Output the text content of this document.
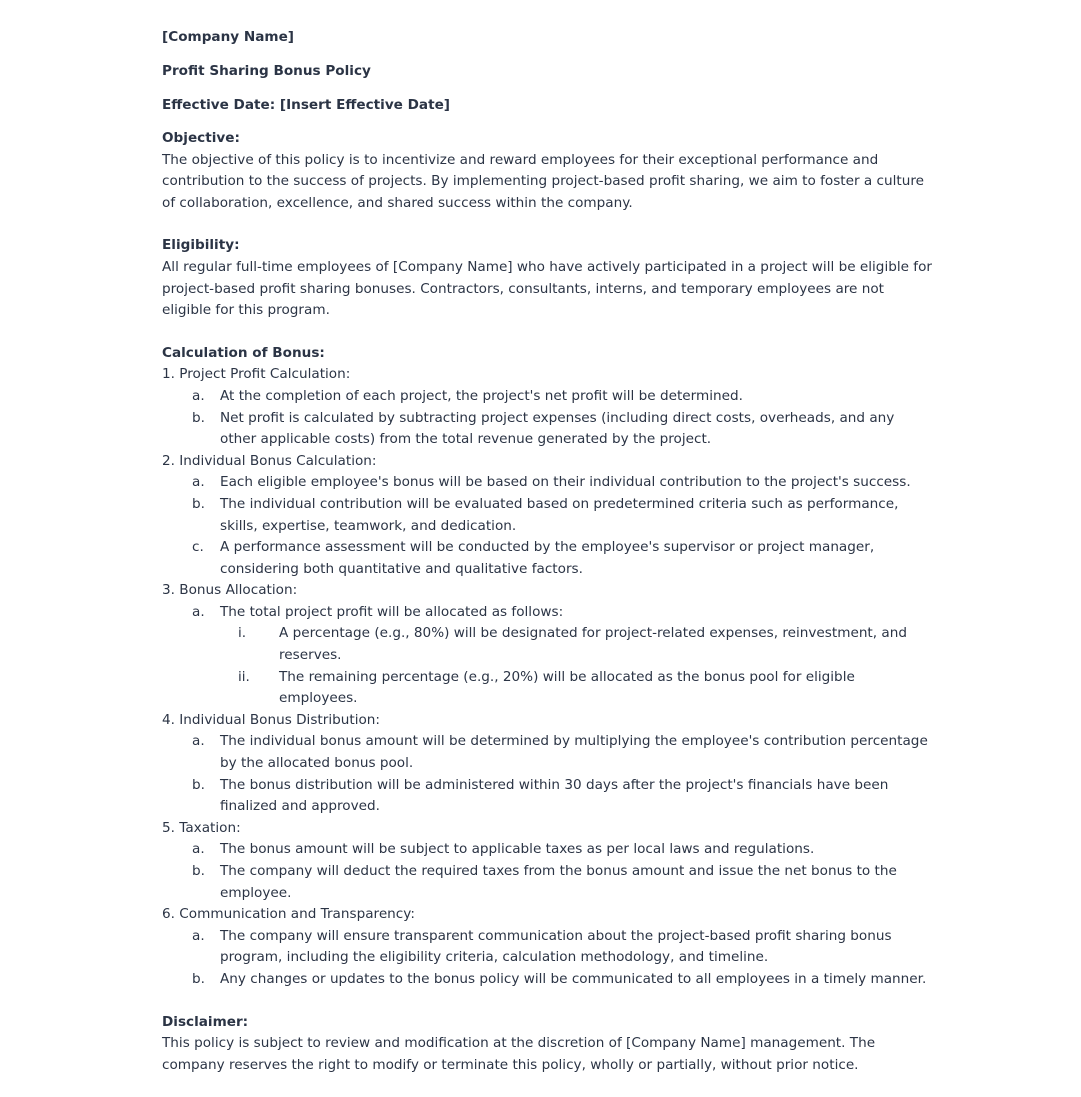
[Company Name]
Profit Sharing Bonus Policy
Effective Date: [Insert Effective Date]
Objective:

The objective of this policy is to incentivize and reward employees for their exceptional performance and contribution to the success of projects. By implementing project-based profit sharing, we aim to foster a culture of collaboration, excellence, and shared success within the company.

Eligibility:

All regular full-time employees of [Company Name] who have actively participated in a project will be eligible for project-based profit sharing bonuses. Contractors, consultants, interns, and temporary employees are not eligible for this program.

Calculation of Bonus:
1. Project Profit Calculation:
a. At the completion of each project, the project's net profit will be determined.
b. Net profit is calculated by subtracting project expenses (including direct costs, overheads, and any other applicable costs) from the total revenue generated by the project.
2. Individual Bonus Calculation:
a. Each eligible employee's bonus will be based on their individual contribution to the project's success.
b. The individual contribution will be evaluated based on predetermined criteria such as performance, skills, expertise, teamwork, and dedication.
c. A performance assessment will be conducted by the employee's supervisor or project manager, considering both quantitative and qualitative factors.
3. Bonus Allocation:
a. The total project profit will be allocated as follows:
i. A percentage (e.g., 80%) will be designated for project-related expenses, reinvestment, and reserves.
ii. The remaining percentage (e.g., 20%) will be allocated as the bonus pool for eligible employees.
4. Individual Bonus Distribution:
a. The individual bonus amount will be determined by multiplying the employee's contribution percentage by the allocated bonus pool.
b. The bonus distribution will be administered within 30 days after the project's financials have been finalized and approved.
5. Taxation:
a. The bonus amount will be subject to applicable taxes as per local laws and regulations.
b. The company will deduct the required taxes from the bonus amount and issue the net bonus to the employee.
6. Communication and Transparency:
a. The company will ensure transparent communication about the project-based profit sharing bonus program, including the eligibility criteria, calculation methodology, and timeline.
b. Any changes or updates to the bonus policy will be communicated to all employees in a timely manner.
Disclaimer:

This policy is subject to review and modification at the discretion of [Company Name] management. The company reserves the right to modify or terminate this policy, wholly or partially, without prior notice.
